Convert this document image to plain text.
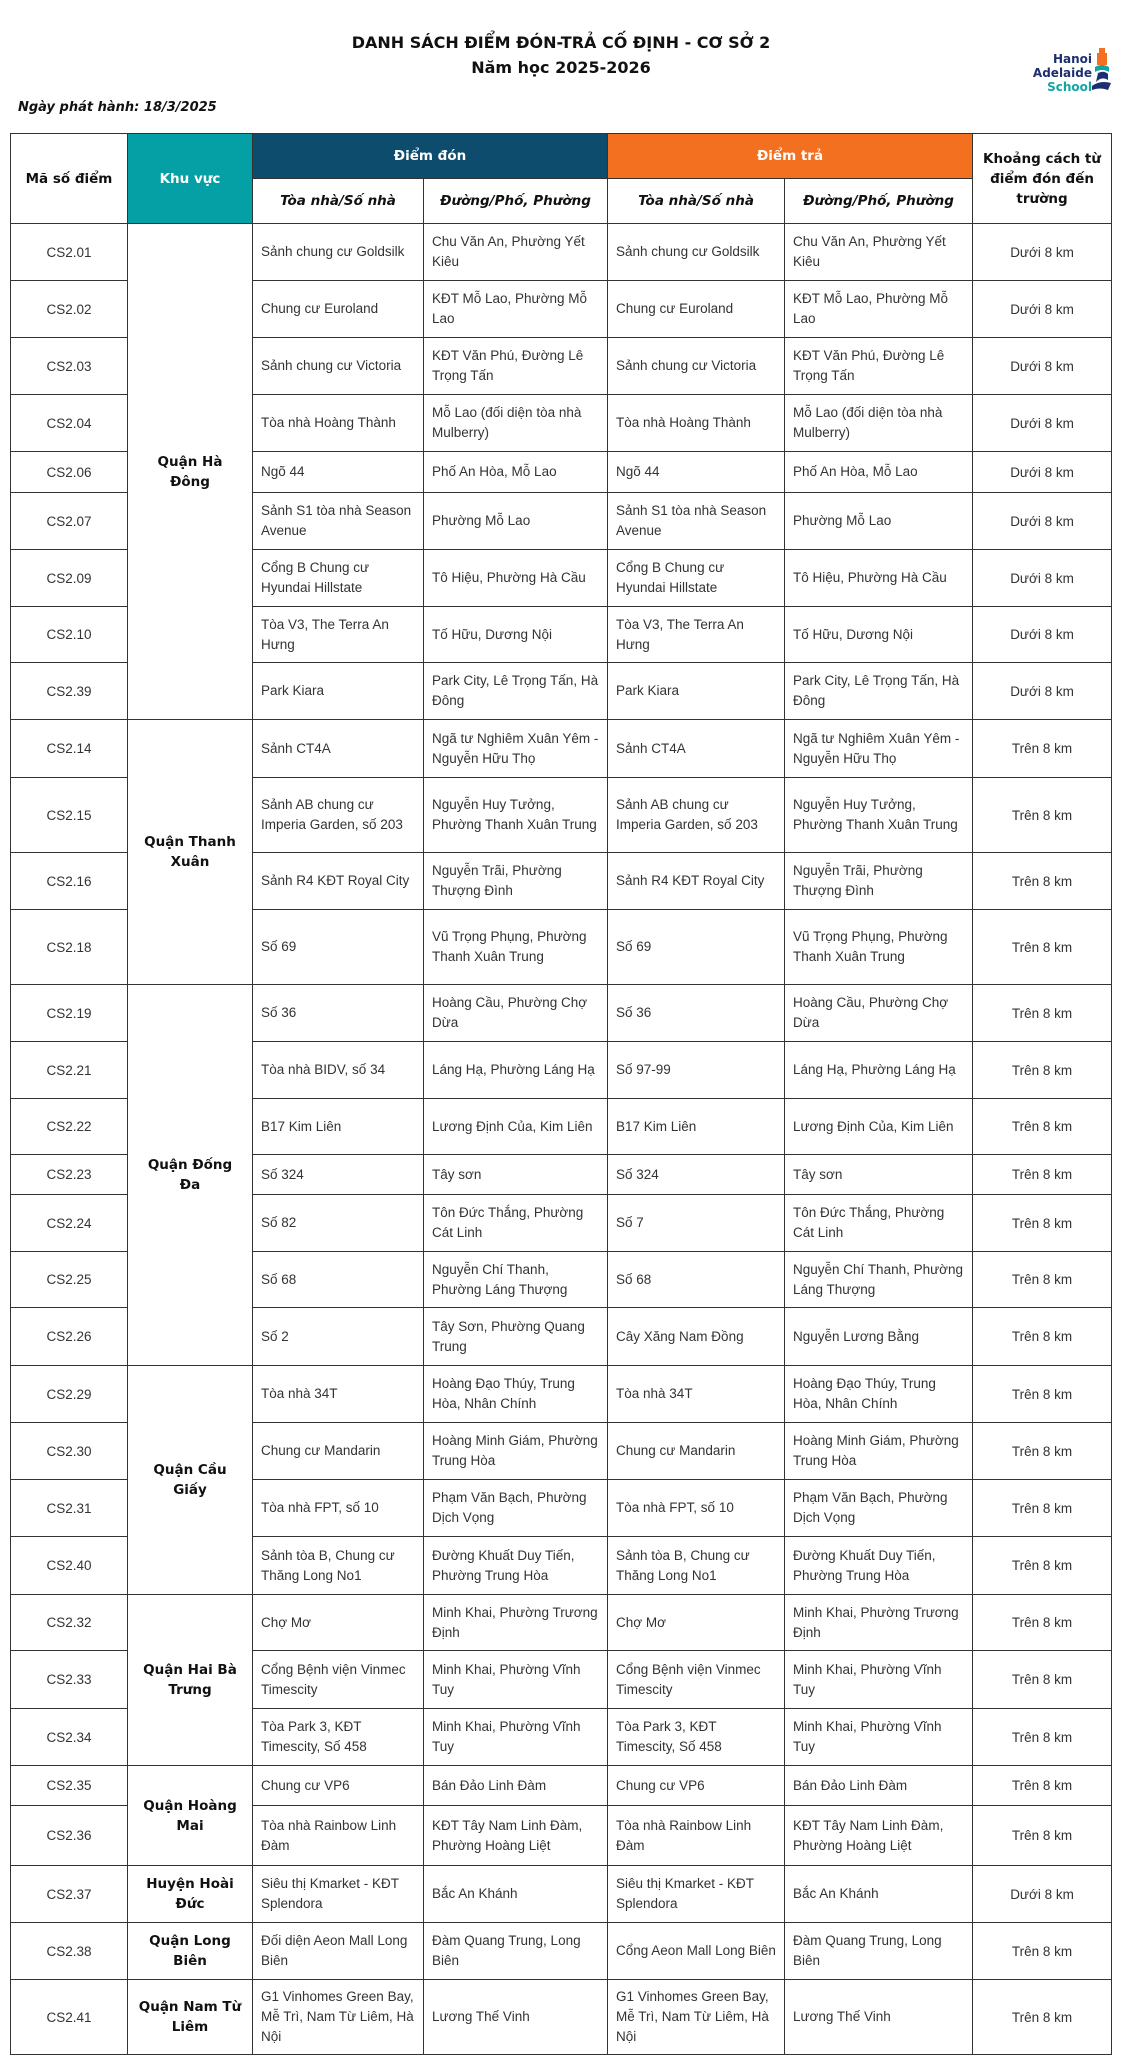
DANH SÁCH ĐIỂM ĐÓN-TRẢ CỐ ĐỊNH - CƠ SỞ 2
Năm học 2025-2026	Hanoi
Adelaide
School
Ngày phát hành: 18/3/2025
Mã số điểm	Khu vực	Điểm đón		Điểm trả		Khoảng cách từ điểm đón đến trường
		Tòa nhà/Số nhà	Đường/Phố, Phường	Tòa nhà/Số nhà	Đường/Phố, Phường	
CS2.01	Quận Hà Đông	Sảnh chung cư Goldsilk	Chu Văn An, Phường Yết Kiêu	Sảnh chung cư Goldsilk	Chu Văn An, Phường Yết Kiêu	Dưới 8 km
CS2.02		Chung cư Euroland	KĐT Mỗ Lao, Phường Mỗ Lao	Chung cư Euroland	KĐT Mỗ Lao, Phường Mỗ Lao	Dưới 8 km
CS2.03		Sảnh chung cư Victoria	KĐT Văn Phú, Đường Lê Trọng Tấn	Sảnh chung cư Victoria	KĐT Văn Phú, Đường Lê Trọng Tấn	Dưới 8 km
CS2.04		Tòa nhà Hoàng Thành	Mỗ Lao (đối diện tòa nhà Mulberry)	Tòa nhà Hoàng Thành	Mỗ Lao (đối diện tòa nhà Mulberry)	Dưới 8 km
CS2.06		Ngõ 44	Phố An Hòa, Mỗ Lao	Ngõ 44	Phố An Hòa, Mỗ Lao	Dưới 8 km
CS2.07		Sảnh S1 tòa nhà Season Avenue	Phường Mỗ Lao	Sảnh S1 tòa nhà Season Avenue	Phường Mỗ Lao	Dưới 8 km
CS2.09		Cổng B Chung cư Hyundai Hillstate	Tô Hiệu, Phường Hà Cầu	Cổng B Chung cư Hyundai Hillstate	Tô Hiệu, Phường Hà Cầu	Dưới 8 km
CS2.10		Tòa V3, The Terra An Hưng	Tố Hữu, Dương Nội	Tòa V3, The Terra An Hưng	Tố Hữu, Dương Nội	Dưới 8 km
CS2.39		Park Kiara	Park City, Lê Trọng Tấn, Hà Đông	Park Kiara	Park City, Lê Trọng Tấn, Hà Đông	Dưới 8 km
CS2.14	Quận Thanh Xuân	Sảnh CT4A	Ngã tư Nghiêm Xuân Yêm - Nguyễn Hữu Thọ	Sảnh CT4A	Ngã tư Nghiêm Xuân Yêm - Nguyễn Hữu Thọ	Trên 8 km
CS2.15		Sảnh AB chung cư Imperia Garden, số 203	Nguyễn Huy Tưởng, Phường Thanh Xuân Trung	Sảnh AB chung cư Imperia Garden, số 203	Nguyễn Huy Tưởng, Phường Thanh Xuân Trung	Trên 8 km
CS2.16		Sảnh R4 KĐT Royal City	Nguyễn Trãi, Phường Thượng Đình	Sảnh R4 KĐT Royal City	Nguyễn Trãi, Phường Thượng Đình	Trên 8 km
CS2.18		Số 69	Vũ Trọng Phụng, Phường Thanh Xuân Trung	Số 69	Vũ Trọng Phụng, Phường Thanh Xuân Trung	Trên 8 km
CS2.19	Quận Đống Đa	Số 36	Hoàng Cầu, Phường Chợ Dừa	Số 36	Hoàng Cầu, Phường Chợ Dừa	Trên 8 km
CS2.21		Tòa nhà BIDV, số 34	Láng Hạ, Phường Láng Hạ	Số 97-99	Láng Hạ, Phường Láng Hạ	Trên 8 km
CS2.22		B17 Kim Liên	Lương Định Của, Kim Liên	B17 Kim Liên	Lương Định Của, Kim Liên	Trên 8 km
CS2.23		Số 324	Tây sơn	Số 324	Tây sơn	Trên 8 km
CS2.24		Số 82	Tôn Đức Thắng, Phường Cát Linh	Số 7	Tôn Đức Thắng, Phường Cát Linh	Trên 8 km
CS2.25		Số 68	Nguyễn Chí Thanh, Phường Láng Thượng	Số 68	Nguyễn Chí Thanh, Phường Láng Thượng	Trên 8 km
CS2.26		Số 2	Tây Sơn, Phường Quang Trung	Cây Xăng Nam Đồng	Nguyễn Lương Bằng	Trên 8 km
CS2.29	Quận Cầu Giấy	Tòa nhà 34T	Hoàng Đạo Thúy, Trung Hòa, Nhân Chính	Tòa nhà 34T	Hoàng Đạo Thúy, Trung Hòa, Nhân Chính	Trên 8 km
CS2.30		Chung cư Mandarin	Hoàng Minh Giám, Phường Trung Hòa	Chung cư Mandarin	Hoàng Minh Giám, Phường Trung Hòa	Trên 8 km
CS2.31		Tòa nhà FPT, số 10	Phạm Văn Bạch, Phường Dịch Vọng	Tòa nhà FPT, số 10	Phạm Văn Bạch, Phường Dịch Vọng	Trên 8 km
CS2.40		Sảnh tòa B, Chung cư Thăng Long No1	Đường Khuất Duy Tiến, Phường Trung Hòa	Sảnh tòa B, Chung cư Thăng Long No1	Đường Khuất Duy Tiến, Phường Trung Hòa	Trên 8 km
CS2.32	Quận Hai Bà Trưng	Chợ Mơ	Minh Khai, Phường Trương Định	Chợ Mơ	Minh Khai, Phường Trương Định	Trên 8 km
CS2.33		Cổng Bệnh viện Vinmec Timescity	Minh Khai, Phường Vĩnh Tuy	Cổng Bệnh viện Vinmec Timescity	Minh Khai, Phường Vĩnh Tuy	Trên 8 km
CS2.34		Tòa Park 3, KĐT Timescity, Số 458	Minh Khai, Phường Vĩnh Tuy	Tòa Park 3, KĐT Timescity, Số 458	Minh Khai, Phường Vĩnh Tuy	Trên 8 km
CS2.35	Quận Hoàng Mai	Chung cư VP6	Bán Đảo Linh Đàm	Chung cư VP6	Bán Đảo Linh Đàm	Trên 8 km
CS2.36		Tòa nhà Rainbow Linh Đàm	KĐT Tây Nam Linh Đàm, Phường Hoàng Liệt	Tòa nhà Rainbow Linh Đàm	KĐT Tây Nam Linh Đàm, Phường Hoàng Liệt	Trên 8 km
CS2.37	Huyện Hoài Đức	Siêu thị Kmarket - KĐT Splendora	Bắc An Khánh	Siêu thị Kmarket - KĐT Splendora	Bắc An Khánh	Dưới 8 km
CS2.38	Quận Long Biên	Đối diện Aeon Mall Long Biên	Đàm Quang Trung, Long Biên	Cổng Aeon Mall Long Biên	Đàm Quang Trung, Long Biên	Trên 8 km
CS2.41	Quận Nam Từ Liêm	G1 Vinhomes Green Bay, Mễ Trì, Nam Từ Liêm, Hà Nội	Lương Thế Vinh	G1 Vinhomes Green Bay, Mễ Trì, Nam Từ Liêm, Hà Nội	Lương Thế Vinh	Trên 8 km
